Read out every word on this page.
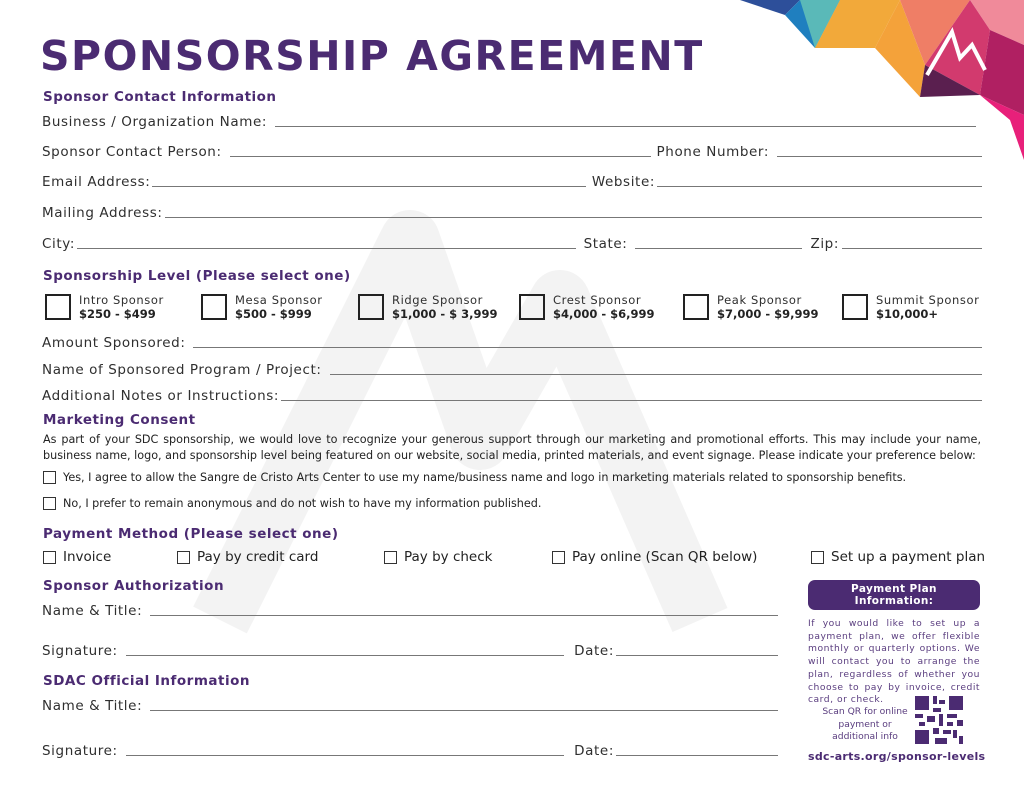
SPONSORSHIP AGREEMENT
Sponsor Contact Information
Business / Organization Name:
Sponsor Contact Person:	Phone Number:
Email Address:	Website:
Mailing Address:
City:	State:	Zip:
Sponsorship Level (Please select one)
Intro Sponsor
$250 - $499
Mesa Sponsor
$500 - $999
Ridge Sponsor
$1,000 - $ 3,999
Crest Sponsor
$4,000 - $6,999
Peak Sponsor
$7,000 - $9,999
Summit Sponsor
$10,000+
Amount Sponsored:
Name of Sponsored Program / Project:
Additional Notes or Instructions:
Marketing Consent
As part of your SDC sponsorship, we would love to recognize your generous support through our marketing and promotional efforts. This may include your name, business name, logo, and sponsorship level being featured on our website, social media, printed materials, and event signage. Please indicate your preference below:
Yes, I agree to allow the Sangre de Cristo Arts Center to use my name/business name and logo in marketing materials related to sponsorship benefits.
No, I prefer to remain anonymous and do not wish to have my information published.
Payment Method (Please select one)
Invoice	Pay by credit card	Pay by check	Pay online (Scan QR below)	Set up a payment plan
Sponsor Authorization
Name & Title:
Signature:	Date:
SDAC Official Information
Name & Title:
Signature:	Date:
Payment Plan Information:
If you would like to set up a payment plan, we offer flexible monthly or quarterly options. We will contact you to arrange the plan, regardless of whether you choose to pay by invoice, credit card, or check.
Scan QR for online payment or additional info
sdc-arts.org/sponsor-levels
